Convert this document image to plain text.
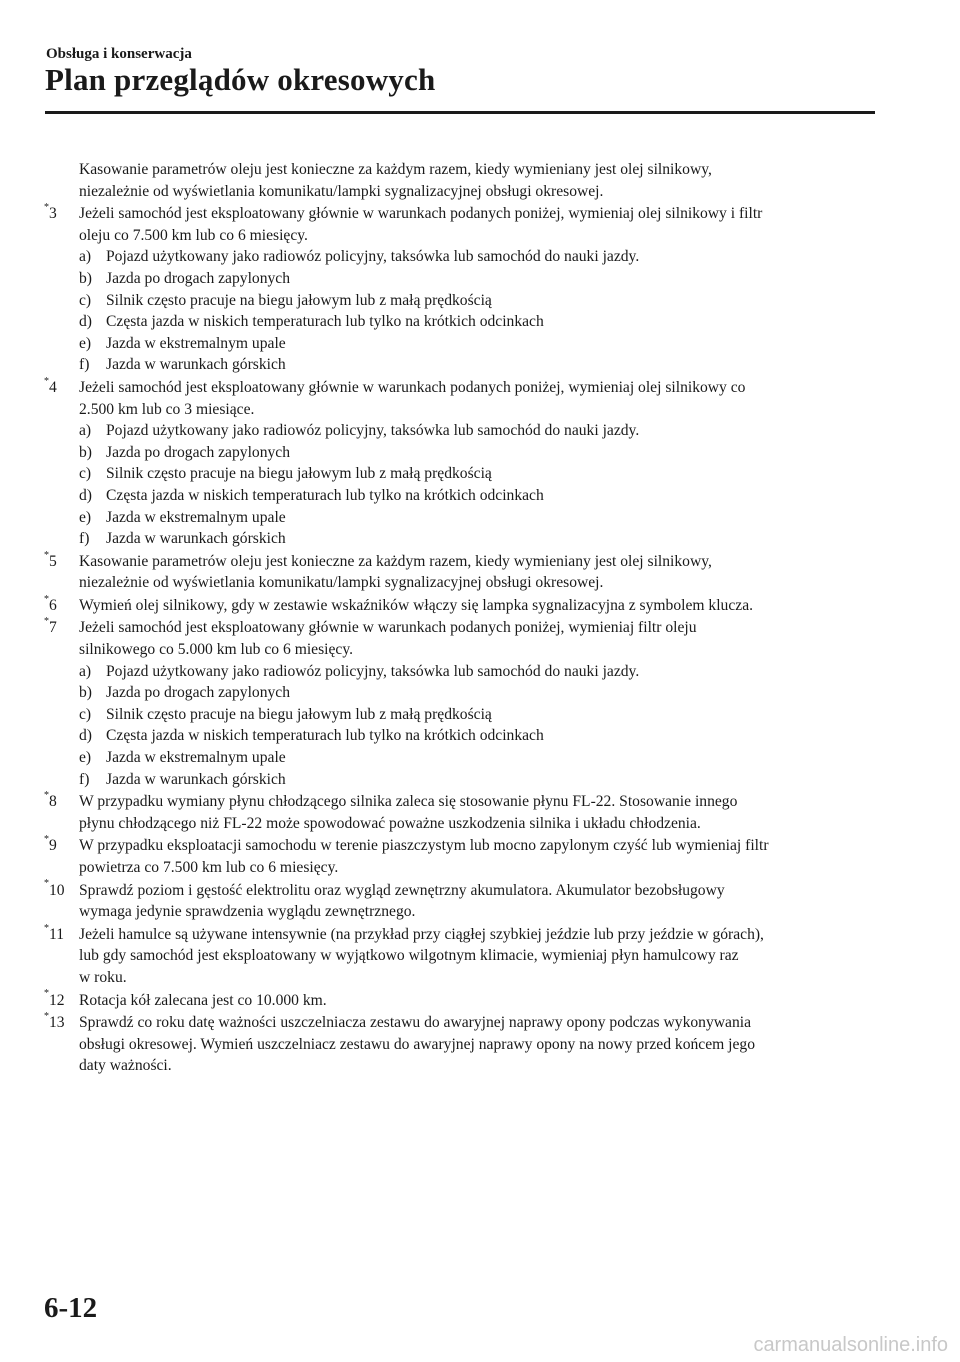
Obsługa i konserwacja
Plan przeglądów okresowych
Kasowanie parametrów oleju jest konieczne za każdym razem, kiedy wymieniany jest olej silnikowy,
niezależnie od wyświetlania komunikatu/lampki sygnalizacyjnej obsługi okresowej.
*3 Jeżeli samochód jest eksploatowany głównie w warunkach podanych poniżej, wymieniaj olej silnikowy i filtr
oleju co 7.500 km lub co 6 miesięcy.
a) Pojazd użytkowany jako radiowóz policyjny, taksówka lub samochód do nauki jazdy.
b) Jazda po drogach zapylonych
c) Silnik często pracuje na biegu jałowym lub z małą prędkością
d) Częsta jazda w niskich temperaturach lub tylko na krótkich odcinkach
e) Jazda w ekstremalnym upale
f) Jazda w warunkach górskich
*4 Jeżeli samochód jest eksploatowany głównie w warunkach podanych poniżej, wymieniaj olej silnikowy co
2.500 km lub co 3 miesiące.
a) Pojazd użytkowany jako radiowóz policyjny, taksówka lub samochód do nauki jazdy.
b) Jazda po drogach zapylonych
c) Silnik często pracuje na biegu jałowym lub z małą prędkością
d) Częsta jazda w niskich temperaturach lub tylko na krótkich odcinkach
e) Jazda w ekstremalnym upale
f) Jazda w warunkach górskich
*5 Kasowanie parametrów oleju jest konieczne za każdym razem, kiedy wymieniany jest olej silnikowy,
niezależnie od wyświetlania komunikatu/lampki sygnalizacyjnej obsługi okresowej.
*6 Wymień olej silnikowy, gdy w zestawie wskaźników włączy się lampka sygnalizacyjna z symbolem klucza.
*7 Jeżeli samochód jest eksploatowany głównie w warunkach podanych poniżej, wymieniaj filtr oleju
silnikowego co 5.000 km lub co 6 miesięcy.
a) Pojazd użytkowany jako radiowóz policyjny, taksówka lub samochód do nauki jazdy.
b) Jazda po drogach zapylonych
c) Silnik często pracuje na biegu jałowym lub z małą prędkością
d) Częsta jazda w niskich temperaturach lub tylko na krótkich odcinkach
e) Jazda w ekstremalnym upale
f) Jazda w warunkach górskich
*8 W przypadku wymiany płynu chłodzącego silnika zaleca się stosowanie płynu FL-22. Stosowanie innego
płynu chłodzącego niż FL-22 może spowodować poważne uszkodzenia silnika i układu chłodzenia.
*9 W przypadku eksploatacji samochodu w terenie piaszczystym lub mocno zapylonym czyść lub wymieniaj filtr
powietrza co 7.500 km lub co 6 miesięcy.
*10 Sprawdź poziom i gęstość elektrolitu oraz wygląd zewnętrzny akumulatora. Akumulator bezobsługowy
wymaga jedynie sprawdzenia wyglądu zewnętrznego.
*11 Jeżeli hamulce są używane intensywnie (na przykład przy ciągłej szybkiej jeździe lub przy jeździe w górach),
lub gdy samochód jest eksploatowany w wyjątkowo wilgotnym klimacie, wymieniaj płyn hamulcowy raz
w roku.
*12 Rotacja kół zalecana jest co 10.000 km.
*13 Sprawdź co roku datę ważności uszczelniacza zestawu do awaryjnej naprawy opony podczas wykonywania
obsługi okresowej. Wymień uszczelniacz zestawu do awaryjnej naprawy opony na nowy przed końcem jego
daty ważności.
6-12
carmanualsonline.info
